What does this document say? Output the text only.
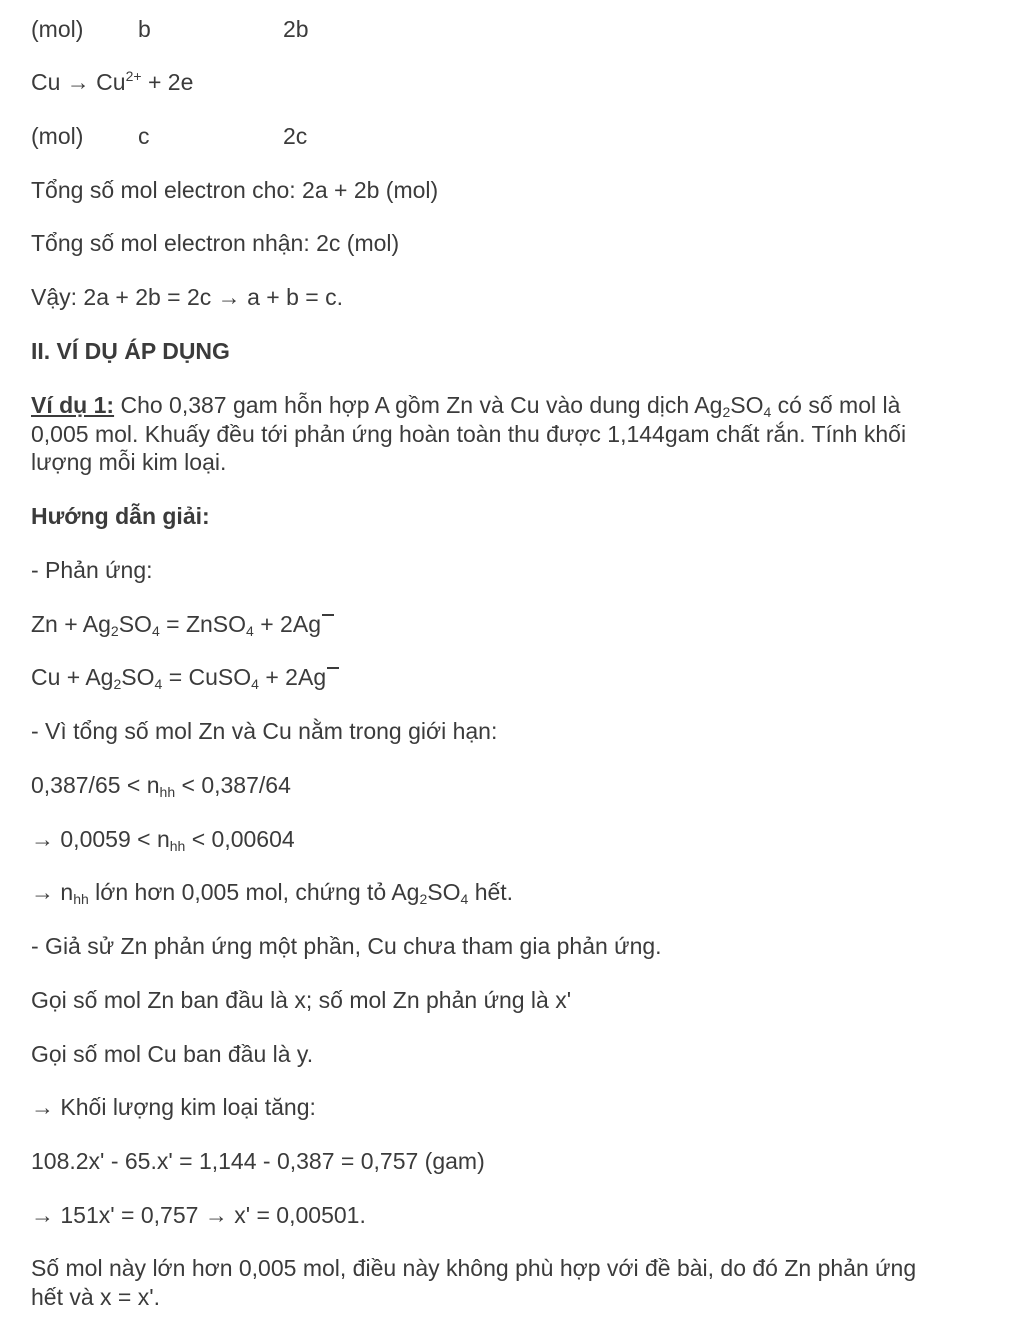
(mol) b	2b
$Cu \to Cu^{2+} + 2e$
(mol) c	2c
Tổng số mol electron cho: 2a + 2b (mol)
Tổng số mol electron nhận: 2c (mol)
Vậy: 2a + 2b = 2c → a + b = c.
II. VÍ DỤ ÁP DỤNG
Ví dụ 1: Cho 0,387 gam hỗn hợp A gồm Zn và Cu vào dung dịch $Ag_2SO_4$ có số mol là 0,005 mol. Khuấy đều tới phản ứng hoàn toàn thu được 1,144gam chất rắn. Tính khối lượng mỗi kim loại.
Hướng dẫn giải:
- Phản ứng:
$Zn + Ag_2SO_4$ = ZnSO$_4$ + 2Ag
$Cu + Ag_2SO_4$ = CuSO$_4$ + 2Ag
- Vì tổng số mol Zn và Cu nằm trong giới hạn:
$0,387/65 < n_{hh} < 0,387/64$
→ $0,0059 < n_{hh} < 0,00604$
→ $n_{hh}$ lớn hơn 0,005 mol, chứng tỏ $Ag_2SO_4$ hết.
- Giả sử Zn phản ứng một phần, Cu chưa tham gia phản ứng.
Gọi số mol Zn ban đầu là x; số mol Zn phản ứng là x'
Gọi số mol Cu ban đầu là y.
→ Khối lượng kim loại tăng:
108.2x' - 65.x' = 1,144 - 0,387 = 0,757 (gam)
→ 151x' = 0,757 → x' = 0,00501.
Số mol này lớn hơn 0,005 mol, điều này không phù hợp với đề bài, do đó Zn phản ứng hết và x = x'.
